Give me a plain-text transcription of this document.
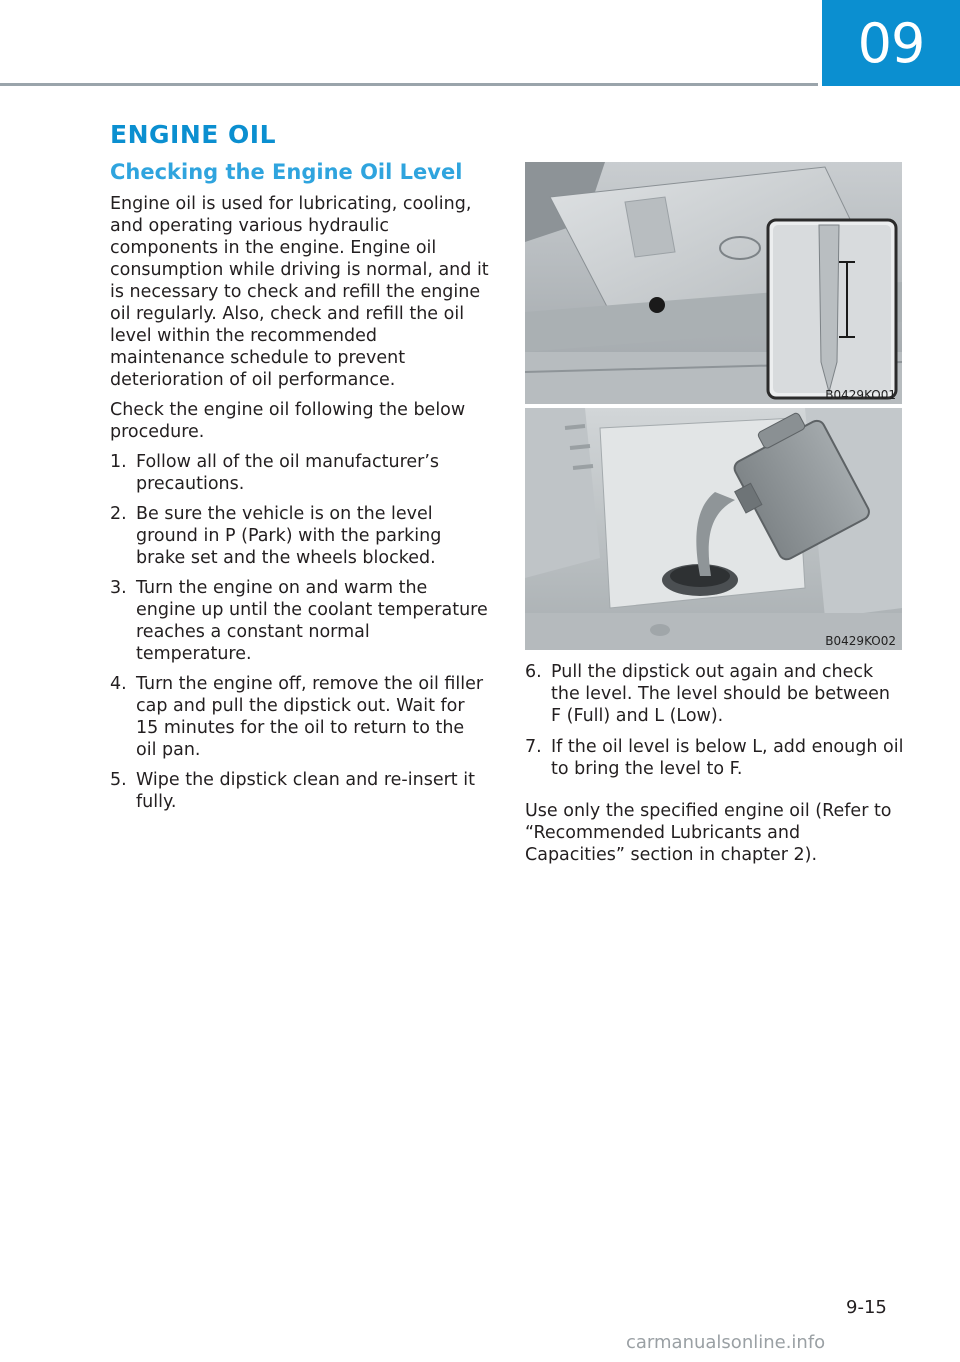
09
ENGINE OIL
Checking the Engine Oil Level

Engine oil is used for lubricating, cooling, and operating various hydraulic components in the engine. Engine oil consumption while driving is normal, and it is necessary to check and refill the engine oil regularly. Also, check and refill the oil level within the recommended maintenance schedule to prevent deterioration of oil performance.

Check the engine oil following the below procedure.

1. Follow all of the oil manufacturer’s precautions.
2. Be sure the vehicle is on the level ground in P (Park) with the parking brake set and the wheels blocked.
3. Turn the engine on and warm the engine up until the coolant temperature reaches a constant normal temperature.
4. Turn the engine off, remove the oil filler cap and pull the dipstick out. Wait for 15 minutes for the oil to return to the oil pan.
5. Wipe the dipstick clean and re-insert it fully.
B0429KO01
B0429KO02
6. Pull the dipstick out again and check the level. The level should be between F (Full) and L (Low).
7. If the oil level is below L, add enough oil to bring the level to F.

Use only the specified engine oil (Refer to “Recommended Lubricants and Capacities” section in chapter 2).

9-15
carmanualsonline.info
